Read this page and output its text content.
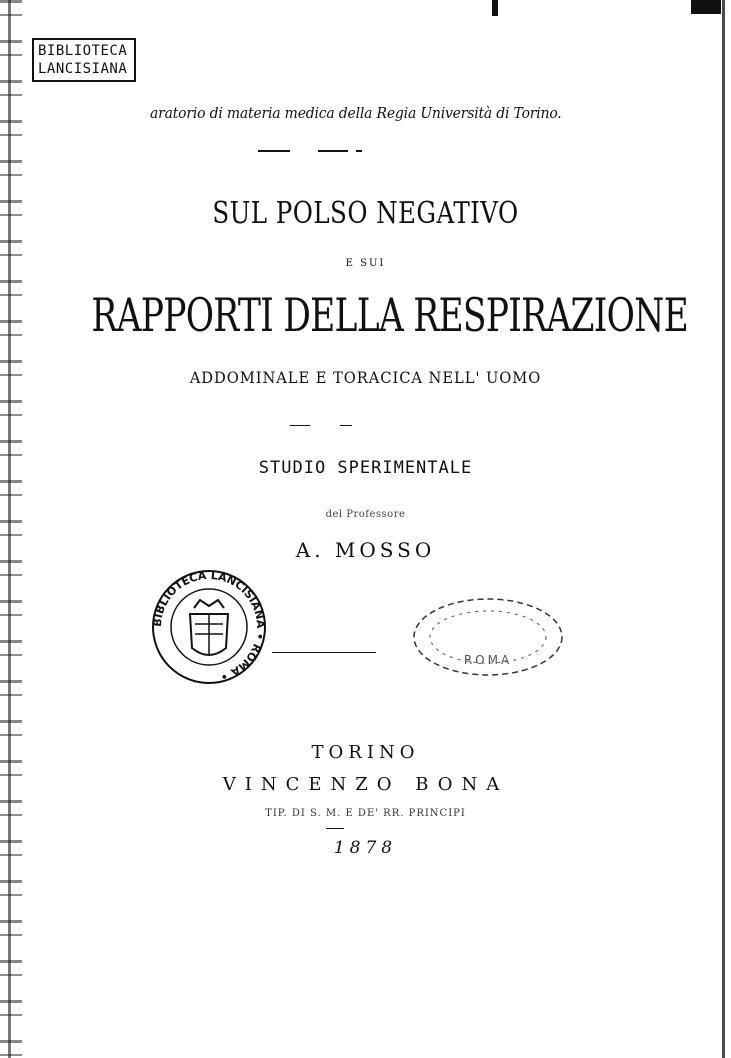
BIBLIOTECA
LANCISIANA
aratorio di materia medica della Regia Università di Torino.
SUL POLSO NEGATIVO
E SUI
RAPPORTI DELLA RESPIRAZIONE
ADDOMINALE E TORACICA NELL' UOMO
STUDIO SPERIMENTALE
del Professore
A. MOSSO
BIBLIOTECA LANCISIANA • ROMA •
ROMA
TORINO
VINCENZO BONA
TIP. DI S. M. E DE' RR. PRINCIPI
1878
